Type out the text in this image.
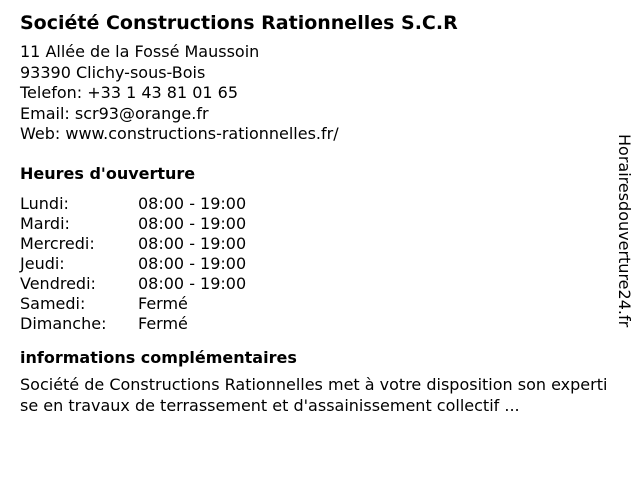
Société Constructions Rationnelles S.C.R
11 Allée de la Fossé Maussoin
93390 Clichy-sous-Bois
Telefon: +33 1 43 81 01 65
Email: scr93@orange.fr
Web: www.constructions-rationnelles.fr/
Heures d'ouverture
Lundi:	08:00 - 19:00
Mardi:	08:00 - 19:00
Mercredi:	08:00 - 19:00
Jeudi:	08:00 - 19:00
Vendredi:	08:00 - 19:00
Samedi:	Fermé
Dimanche:	Fermé
informations complémentaires
Société de Constructions Rationnelles met à votre disposition son expertise en travaux de terrassement et d'assainissement collectif ...
Horairesdouverture24.fr
